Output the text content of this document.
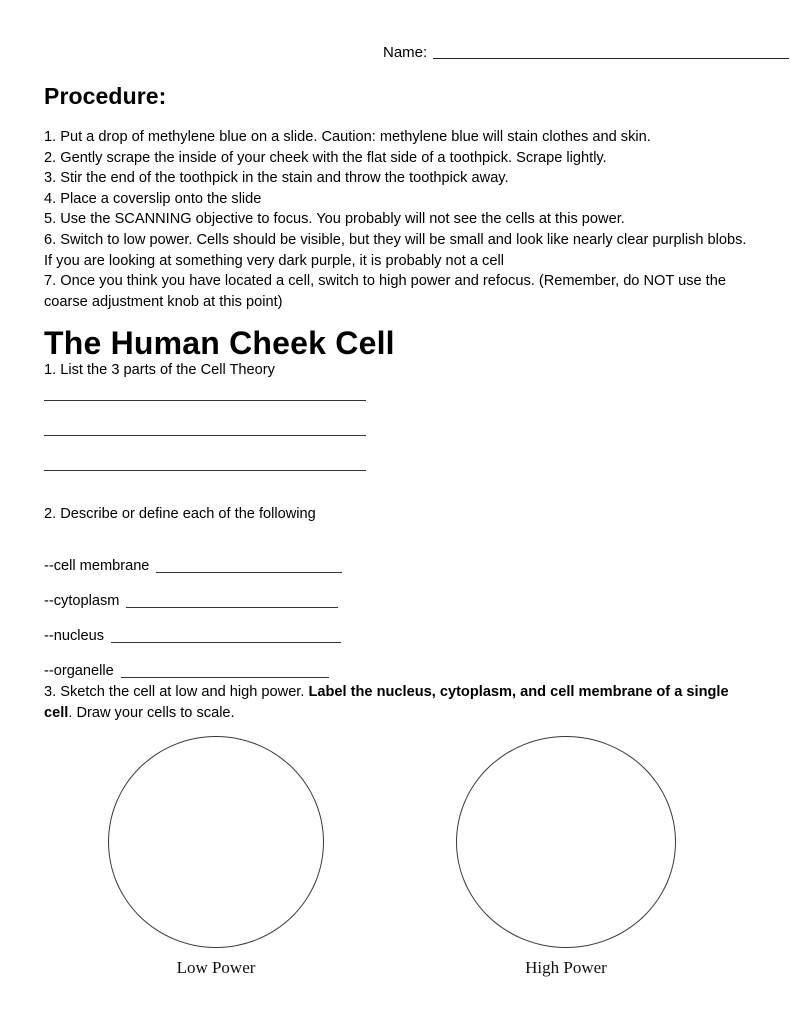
Name:
Procedure:

1. Put a drop of methylene blue on a slide. Caution: methylene blue will stain clothes and skin.

2. Gently scrape the inside of your cheek with the flat side of a toothpick. Scrape lightly.

3. Stir the end of the toothpick in the stain and throw the toothpick away.

4. Place a coverslip onto the slide

5. Use the SCANNING objective to focus. You probably will not see the cells at this power.

6. Switch to low power. Cells should be visible, but they will be small and look like nearly clear purplish blobs. If you are looking at something very dark purple, it is probably not a cell

7. Once you think you have located a cell, switch to high power and refocus. (Remember, do NOT use the coarse adjustment knob at this point)

The Human Cheek Cell
1. List the 3 parts of the Cell Theory
2. Describe or define each of the following
--cell membrane
--cytoplasm
--nucleus
--organelle
3. Sketch the cell at low and high power. Label the nucleus, cytoplasm, and cell membrane of a single cell. Draw your cells to scale.
Low Power	High Power
